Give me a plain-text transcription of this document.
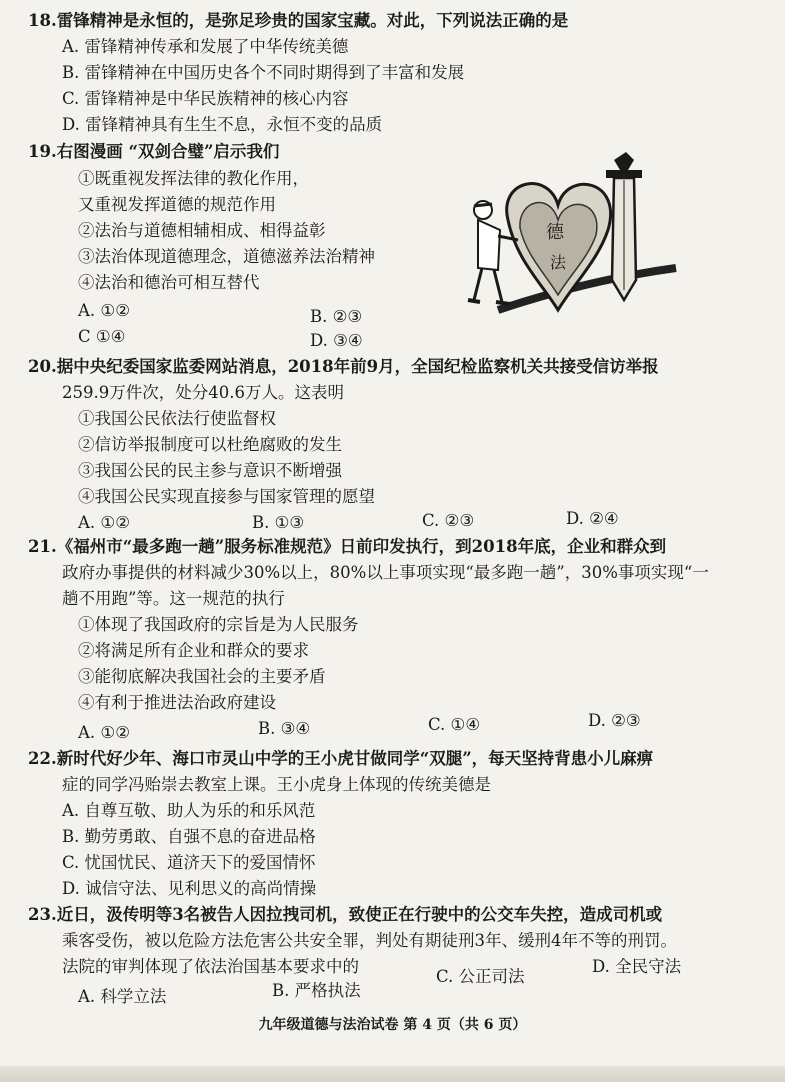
18.雷锋精神是永恒的，是弥足珍贵的国家宝藏。对此，下列说法正确的是
A. 雷锋精神传承和发展了中华传统美德
B. 雷锋精神在中国历史各个不同时期得到了丰富和发展
C. 雷锋精神是中华民族精神的核心内容
D. 雷锋精神具有生生不息，永恒不变的品质
19.右图漫画 “双剑合璧”启示我们
①既重视发挥法律的教化作用，
又重视发挥道德的规范作用
②法治与道德相辅相成、相得益彰
③法治体现道德理念，道德滋养法治精神
④法治和德治可相互替代
A. ①②	B. ②③
C ①④	D. ③④
德
法
20.据中央纪委国家监委网站消息，2018年前9月，全国纪检监察机关共接受信访举报
259.9万件次，处分40.6万人。这表明
①我国公民依法行使监督权
②信访举报制度可以杜绝腐败的发生
③我国公民的民主参与意识不断增强
④我国公民实现直接参与国家管理的愿望
A. ①②	B. ①③	C. ②③	D. ②④
21.《福州市“最多跑一趟”服务标准规范》日前印发执行，到2018年底，企业和群众到
政府办事提供的材料减少30%以上，80%以上事项实现“最多跑一趟”，30%事项实现“一
趟不用跑”等。这一规范的执行
①体现了我国政府的宗旨是为人民服务
②将满足所有企业和群众的要求
③能彻底解决我国社会的主要矛盾
④有利于推进法治政府建设
A. ①②	B. ③④	C. ①④	D. ②③
22.新时代好少年、海口市灵山中学的王小虎甘做同学“双腿”，每天坚持背患小儿麻痹
症的同学冯贻崇去教室上课。王小虎身上体现的传统美德是
A. 自尊互敬、助人为乐的和乐风范
B. 勤劳勇敢、自强不息的奋进品格
C. 忧国忧民、道济天下的爱国情怀
D. 诚信守法、见利思义的高尚情操
23.近日，汲传明等3名被告人因拉拽司机，致使正在行驶中的公交车失控，造成司机或
乘客受伤，被以危险方法危害公共安全罪，判处有期徒刑3年、缓刑4年不等的刑罚。
法院的审判体现了依法治国基本要求中的
A. 科学立法	B. 严格执法
C. 公正司法
D. 全民守法
九年级道德与法治试卷 第 4 页（共 6 页）
